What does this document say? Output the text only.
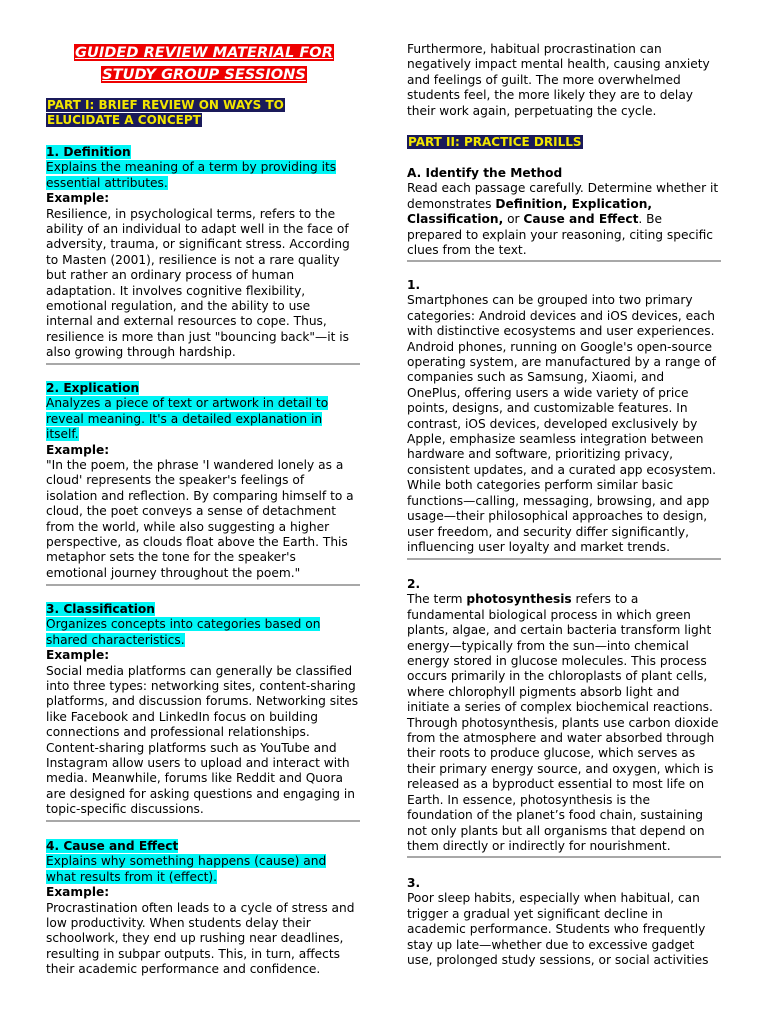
GUIDED REVIEW MATERIAL FOR
STUDY GROUP SESSIONS
PART I: BRIEF REVIEW ON WAYS TO
ELUCIDATE A CONCEPT
1. Definition
Explains the meaning of a term by providing its
essential attributes.
Example:
Resilience, in psychological terms, refers to the
ability of an individual to adapt well in the face of
adversity, trauma, or significant stress. According
to Masten (2001), resilience is not a rare quality
but rather an ordinary process of human
adaptation. It involves cognitive flexibility,
emotional regulation, and the ability to use
internal and external resources to cope. Thus,
resilience is more than just "bouncing back"—it is
also growing through hardship.
2. Explication
Analyzes a piece of text or artwork in detail to
reveal meaning. It's a detailed explanation in
itself.
Example:
"In the poem, the phrase 'I wandered lonely as a
cloud' represents the speaker's feelings of
isolation and reflection. By comparing himself to a
cloud, the poet conveys a sense of detachment
from the world, while also suggesting a higher
perspective, as clouds float above the Earth. This
metaphor sets the tone for the speaker's
emotional journey throughout the poem."
3. Classification
Organizes concepts into categories based on
shared characteristics.
Example:
Social media platforms can generally be classified
into three types: networking sites, content-sharing
platforms, and discussion forums. Networking sites
like Facebook and LinkedIn focus on building
connections and professional relationships.
Content-sharing platforms such as YouTube and
Instagram allow users to upload and interact with
media. Meanwhile, forums like Reddit and Quora
are designed for asking questions and engaging in
topic-specific discussions.
4. Cause and Effect
Explains why something happens (cause) and
what results from it (effect).
Example:
Procrastination often leads to a cycle of stress and
low productivity. When students delay their
schoolwork, they end up rushing near deadlines,
resulting in subpar outputs. This, in turn, affects
their academic performance and confidence.
Furthermore, habitual procrastination can
negatively impact mental health, causing anxiety
and feelings of guilt. The more overwhelmed
students feel, the more likely they are to delay
their work again, perpetuating the cycle.
PART II: PRACTICE DRILLS
A. Identify the Method
Read each passage carefully. Determine whether it
demonstrates Definition, Explication,
Classification, or Cause and Effect. Be
prepared to explain your reasoning, citing specific
clues from the text.
1.
Smartphones can be grouped into two primary
categories: Android devices and iOS devices, each
with distinctive ecosystems and user experiences.
Android phones, running on Google's open-source
operating system, are manufactured by a range of
companies such as Samsung, Xiaomi, and
OnePlus, offering users a wide variety of price
points, designs, and customizable features. In
contrast, iOS devices, developed exclusively by
Apple, emphasize seamless integration between
hardware and software, prioritizing privacy,
consistent updates, and a curated app ecosystem.
While both categories perform similar basic
functions—calling, messaging, browsing, and app
usage—their philosophical approaches to design,
user freedom, and security differ significantly,
influencing user loyalty and market trends.
2.
The term photosynthesis refers to a
fundamental biological process in which green
plants, algae, and certain bacteria transform light
energy—typically from the sun—into chemical
energy stored in glucose molecules. This process
occurs primarily in the chloroplasts of plant cells,
where chlorophyll pigments absorb light and
initiate a series of complex biochemical reactions.
Through photosynthesis, plants use carbon dioxide
from the atmosphere and water absorbed through
their roots to produce glucose, which serves as
their primary energy source, and oxygen, which is
released as a byproduct essential to most life on
Earth. In essence, photosynthesis is the
foundation of the planet’s food chain, sustaining
not only plants but all organisms that depend on
them directly or indirectly for nourishment.
3.
Poor sleep habits, especially when habitual, can
trigger a gradual yet significant decline in
academic performance. Students who frequently
stay up late—whether due to excessive gadget
use, prolonged study sessions, or social activities
